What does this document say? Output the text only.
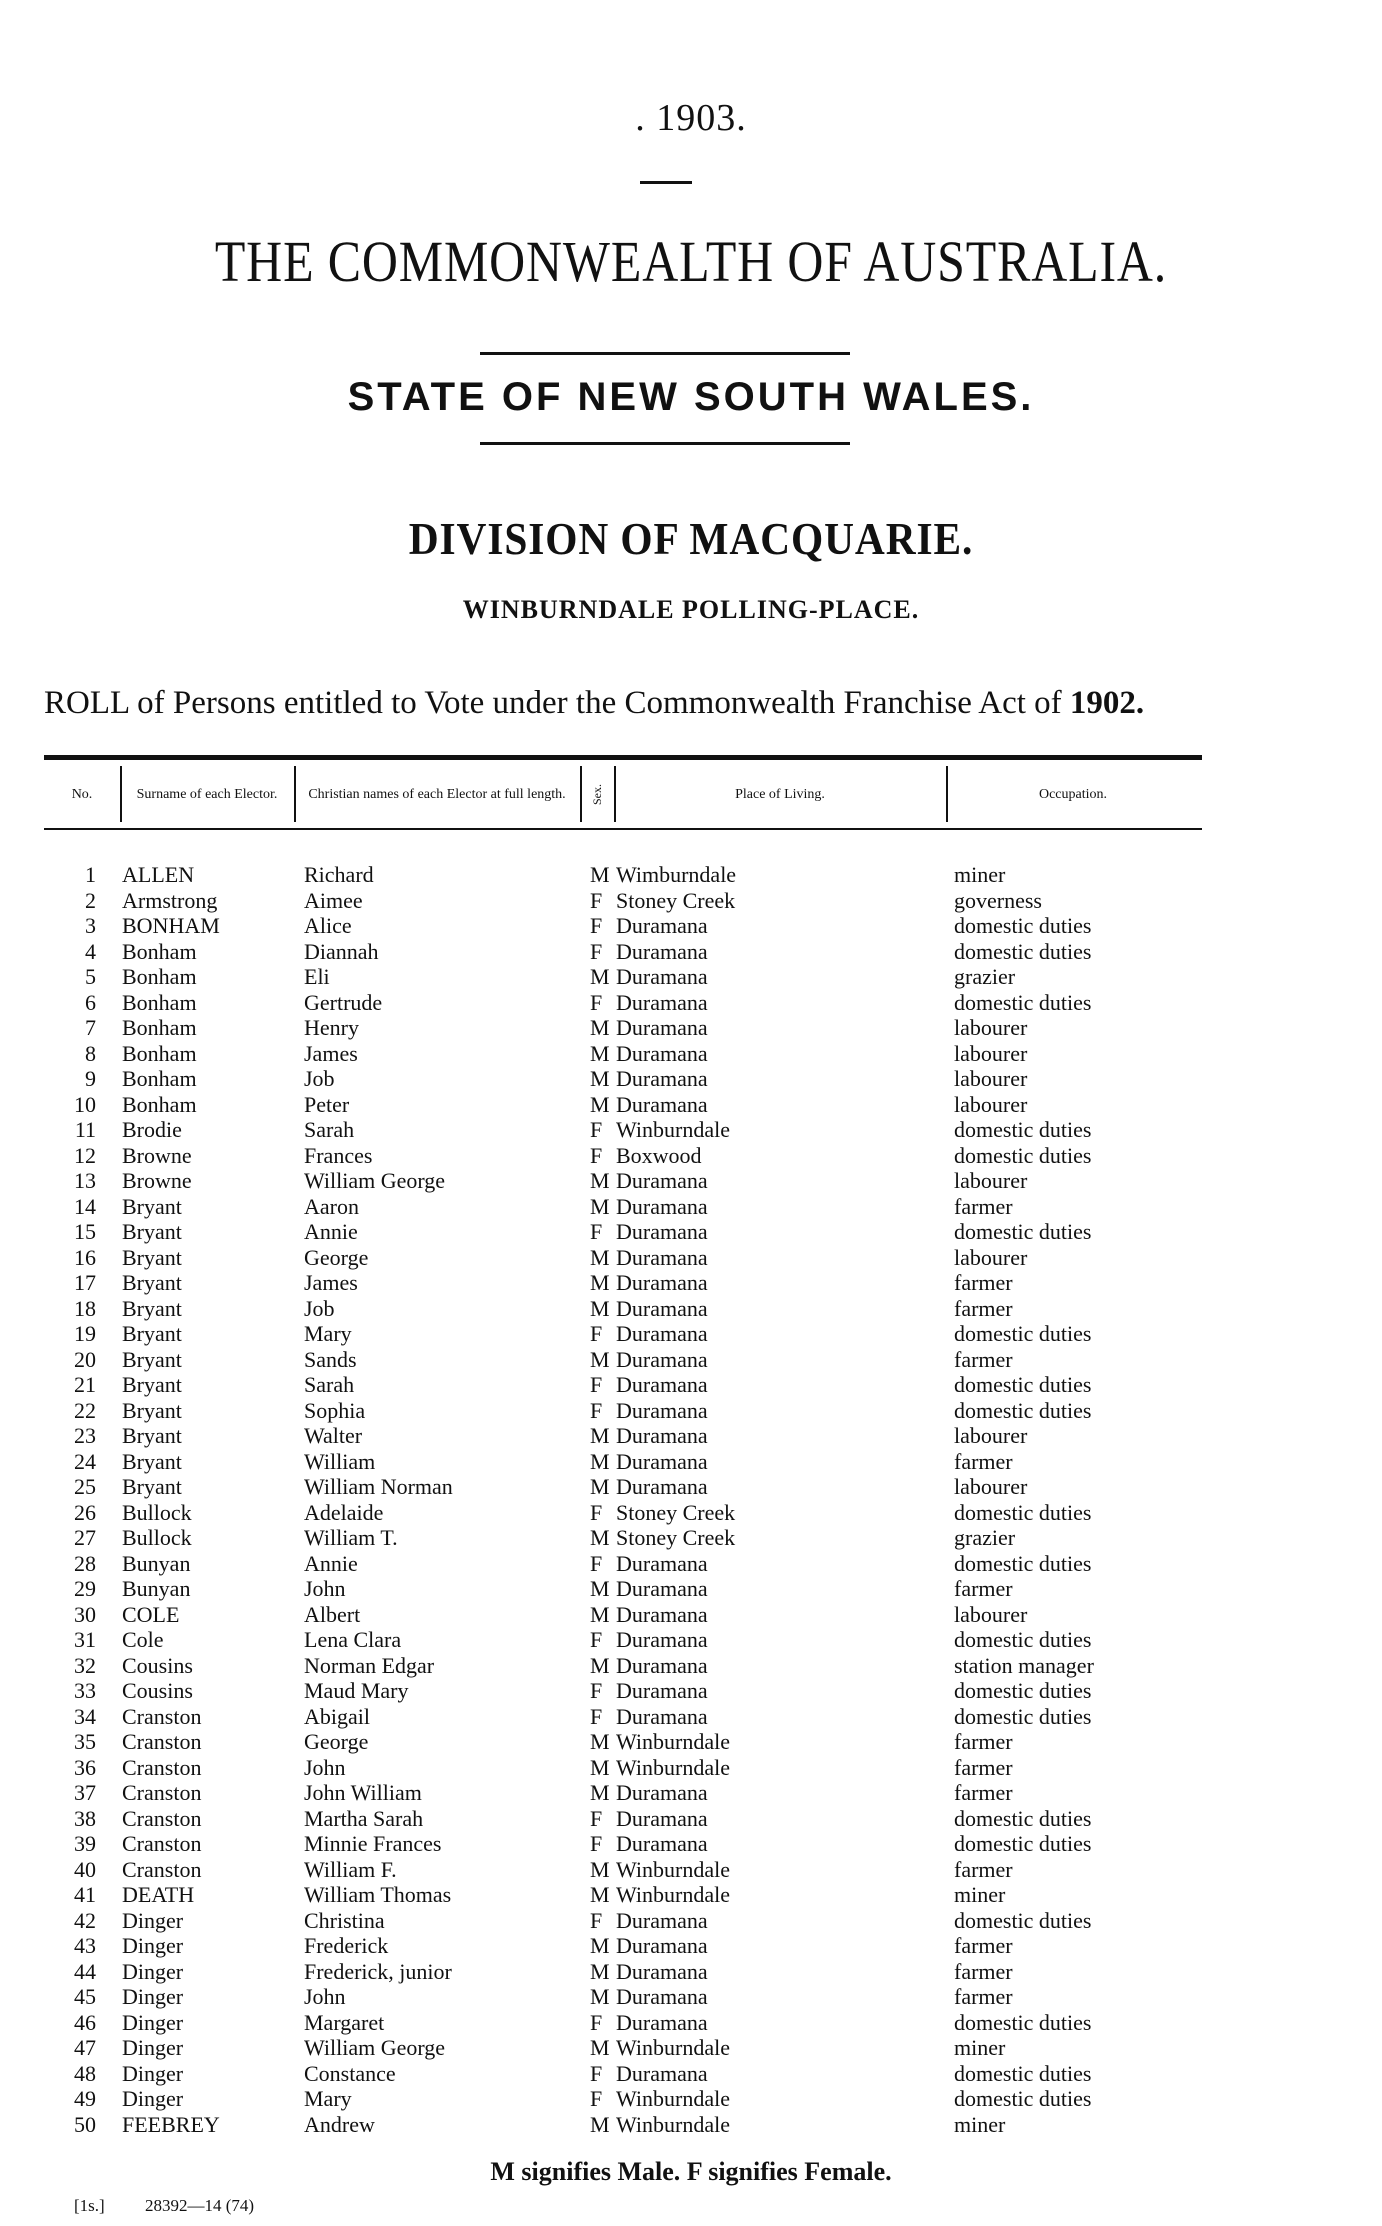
. 1903.
THE COMMONWEALTH OF AUSTRALIA.
STATE OF NEW SOUTH WALES.
DIVISION OF MACQUARIE.
WINBURNDALE POLLING-PLACE.
ROLL of Persons entitled to Vote under the Commonwealth Franchise Act of 1902.
No.	Surname of each Elector.	Christian names of each Elector at full length.	Sex.	Place of Living.	Occupation.
1 ALLEN	Richard	M Wimburndale	miner
2 Armstrong	Aimee	F Stoney Creek	governess
3 BONHAM	Alice	F Duramana	domestic duties
4 Bonham	Diannah	F Duramana	domestic duties
5 Bonham	Eli	M Duramana	grazier
6 Bonham	Gertrude	F Duramana	domestic duties
7 Bonham	Henry	M Duramana	labourer
8 Bonham	James	M Duramana	labourer
9 Bonham	Job	M Duramana	labourer
10 Bonham	Peter	M Duramana	labourer
11 Brodie	Sarah	F Winburndale	domestic duties
12 Browne	Frances	F Boxwood	domestic duties
13 Browne	William George	M Duramana	labourer
14 Bryant	Aaron	M Duramana	farmer
15 Bryant	Annie	F Duramana	domestic duties
16 Bryant	George	M Duramana	labourer
17 Bryant	James	M Duramana	farmer
18 Bryant	Job	M Duramana	farmer
19 Bryant	Mary	F Duramana	domestic duties
20 Bryant	Sands	M Duramana	farmer
21 Bryant	Sarah	F Duramana	domestic duties
22 Bryant	Sophia	F Duramana	domestic duties
23 Bryant	Walter	M Duramana	labourer
24 Bryant	William	M Duramana	farmer
25 Bryant	William Norman	M Duramana	labourer
26 Bullock	Adelaide	F Stoney Creek	domestic duties
27 Bullock	William T.	M Stoney Creek	grazier
28 Bunyan	Annie	F Duramana	domestic duties
29 Bunyan	John	M Duramana	farmer
30 COLE	Albert	M Duramana	labourer
31 Cole	Lena Clara	F Duramana	domestic duties
32 Cousins	Norman Edgar	M Duramana	station manager
33 Cousins	Maud Mary	F Duramana	domestic duties
34 Cranston	Abigail	F Duramana	domestic duties
35 Cranston	George	M Winburndale	farmer
36 Cranston	John	M Winburndale	farmer
37 Cranston	John William	M Duramana	farmer
38 Cranston	Martha Sarah	F Duramana	domestic duties
39 Cranston	Minnie Frances	F Duramana	domestic duties
40 Cranston	William F.	M Winburndale	farmer
41 DEATH	William Thomas	M Winburndale	miner
42 Dinger	Christina	F Duramana	domestic duties
43 Dinger	Frederick	M Duramana	farmer
44 Dinger	Frederick, junior	M Duramana	farmer
45 Dinger	John	M Duramana	farmer
46 Dinger	Margaret	F Duramana	domestic duties
47 Dinger	William George	M Winburndale	miner
48 Dinger	Constance	F Duramana	domestic duties
49 Dinger	Mary	F Winburndale	domestic duties
50 FEEBREY	Andrew	M Winburndale	miner
M signifies Male. F signifies Female.
[1s.] 28392—14 (74)
